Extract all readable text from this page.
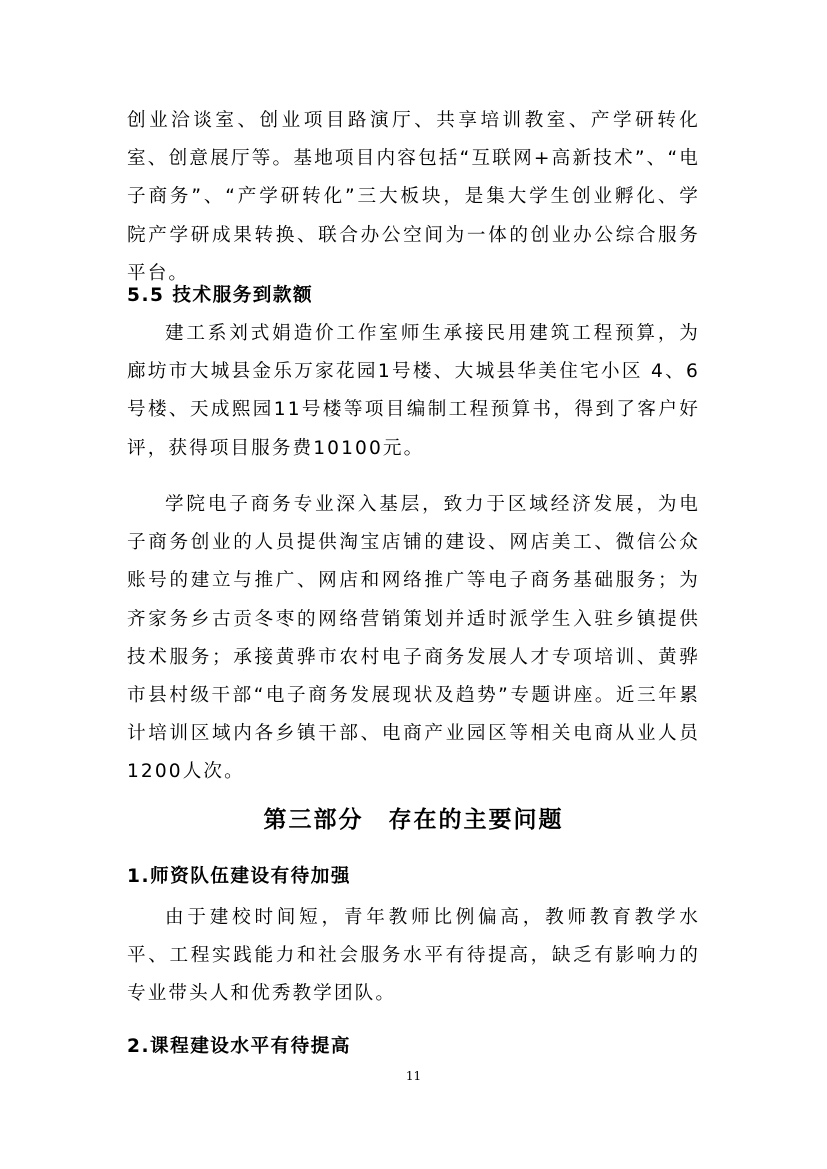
创业洽谈室、创业项目路演厅、共享培训教室、产学研转化室、创意展厅等。基地项目内容包括“互联网+高新技术”、“电子商务”、“产学研转化”三大板块，是集大学生创业孵化、学院产学研成果转换、联合办公空间为一体的创业办公综合服务平台。

5.5 技术服务到款额

建工系刘式娟造价工作室师生承接民用建筑工程预算，为廊坊市大城县金乐万家花园1号楼、大城县华美住宅小区 4、6号楼、天成熙园11号楼等项目编制工程预算书，得到了客户好评，获得项目服务费10100元。

学院电子商务专业深入基层，致力于区域经济发展，为电子商务创业的人员提供淘宝店铺的建设、网店美工、微信公众账号的建立与推广、网店和网络推广等电子商务基础服务；为齐家务乡古贡冬枣的网络营销策划并适时派学生入驻乡镇提供技术服务；承接黄骅市农村电子商务发展人才专项培训、黄骅市县村级干部“电子商务发展现状及趋势”专题讲座。近三年累计培训区域内各乡镇干部、电商产业园区等相关电商从业人员1200人次。

第三部分　存在的主要问题
1.师资队伍建设有待加强

由于建校时间短，青年教师比例偏高，教师教育教学水平、工程实践能力和社会服务水平有待提高，缺乏有影响力的专业带头人和优秀教学团队。

2.课程建设水平有待提高
11
